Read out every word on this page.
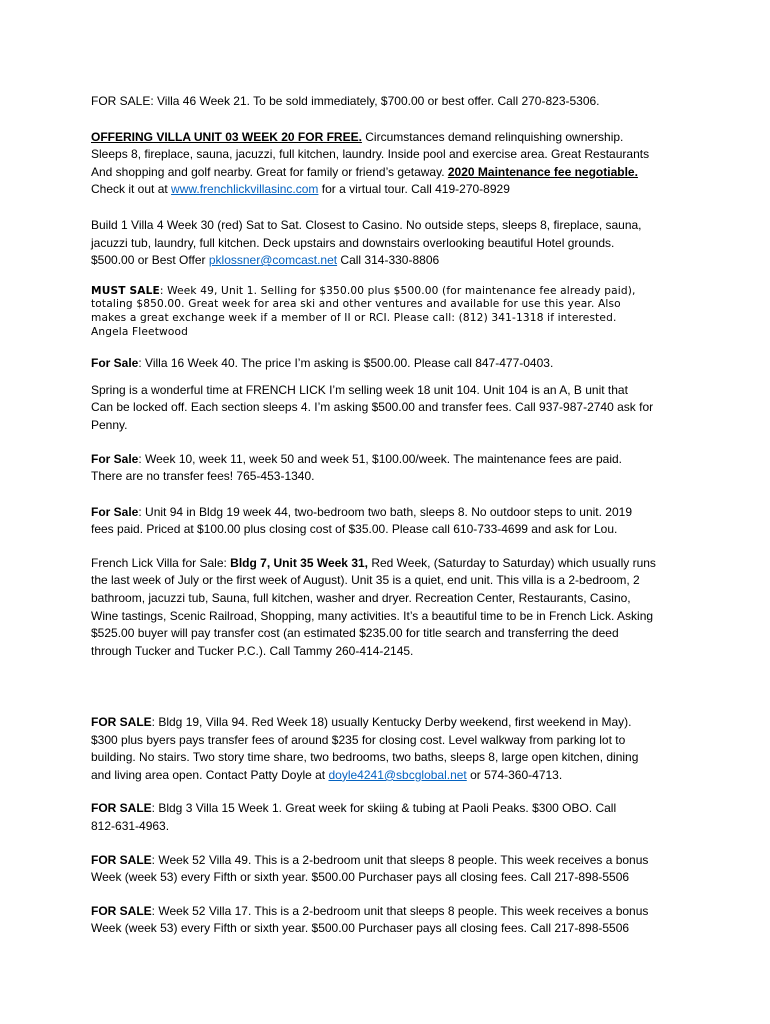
FOR SALE: Villa 46 Week 21. To be sold immediately, $700.00 or best offer. Call 270-823-5306.

OFFERING VILLA UNIT 03 WEEK 20 FOR FREE. Circumstances demand relinquishing ownership.
Sleeps 8, fireplace, sauna, jacuzzi, full kitchen, laundry. Inside pool and exercise area. Great Restaurants
And shopping and golf nearby. Great for family or friend’s getaway. 2020 Maintenance fee negotiable.
Check it out at www.frenchlickvillasinc.com for a virtual tour. Call 419-270-8929

Build 1 Villa 4 Week 30 (red) Sat to Sat. Closest to Casino. No outside steps, sleeps 8, fireplace, sauna,
jacuzzi tub, laundry, full kitchen. Deck upstairs and downstairs overlooking beautiful Hotel grounds.
$500.00 or Best Offer pklossner@comcast.net Call 314-330-8806

MUST SALE: Week 49, Unit 1. Selling for $350.00 plus $500.00 (for maintenance fee already paid),
totaling $850.00. Great week for area ski and other ventures and available for use this year. Also
makes a great exchange week if a member of II or RCI. Please call: (812) 341-1318 if interested.
Angela Fleetwood

For Sale: Villa 16 Week 40. The price I’m asking is $500.00. Please call 847-477-0403.

Spring is a wonderful time at FRENCH LICK I’m selling week 18 unit 104. Unit 104 is an A, B unit that
Can be locked off. Each section sleeps 4. I’m asking $500.00 and transfer fees. Call 937-987-2740 ask for
Penny.

For Sale: Week 10, week 11, week 50 and week 51, $100.00/week. The maintenance fees are paid.
There are no transfer fees! 765-453-1340.

For Sale: Unit 94 in Bldg 19 week 44, two-bedroom two bath, sleeps 8. No outdoor steps to unit. 2019
fees paid. Priced at $100.00 plus closing cost of $35.00. Please call 610-733-4699 and ask for Lou.

French Lick Villa for Sale: Bldg 7, Unit 35 Week 31, Red Week, (Saturday to Saturday) which usually runs
the last week of July or the first week of August). Unit 35 is a quiet, end unit. This villa is a 2-bedroom, 2
bathroom, jacuzzi tub, Sauna, full kitchen, washer and dryer. Recreation Center, Restaurants, Casino,
Wine tastings, Scenic Railroad, Shopping, many activities. It’s a beautiful time to be in French Lick. Asking
$525.00 buyer will pay transfer cost (an estimated $235.00 for title search and transferring the deed
through Tucker and Tucker P.C.). Call Tammy 260-414-2145.

FOR SALE: Bldg 19, Villa 94. Red Week 18) usually Kentucky Derby weekend, first weekend in May).
$300 plus byers pays transfer fees of around $235 for closing cost. Level walkway from parking lot to
building. No stairs. Two story time share, two bedrooms, two baths, sleeps 8, large open kitchen, dining
and living area open. Contact Patty Doyle at doyle4241@sbcglobal.net or 574-360-4713.

FOR SALE: Bldg 3 Villa 15 Week 1. Great week for skiing & tubing at Paoli Peaks. $300 OBO. Call
812-631-4963.

FOR SALE: Week 52 Villa 49. This is a 2-bedroom unit that sleeps 8 people. This week receives a bonus
Week (week 53) every Fifth or sixth year. $500.00 Purchaser pays all closing fees. Call 217-898-5506

FOR SALE: Week 52 Villa 17. This is a 2-bedroom unit that sleeps 8 people. This week receives a bonus
Week (week 53) every Fifth or sixth year. $500.00 Purchaser pays all closing fees. Call 217-898-5506
